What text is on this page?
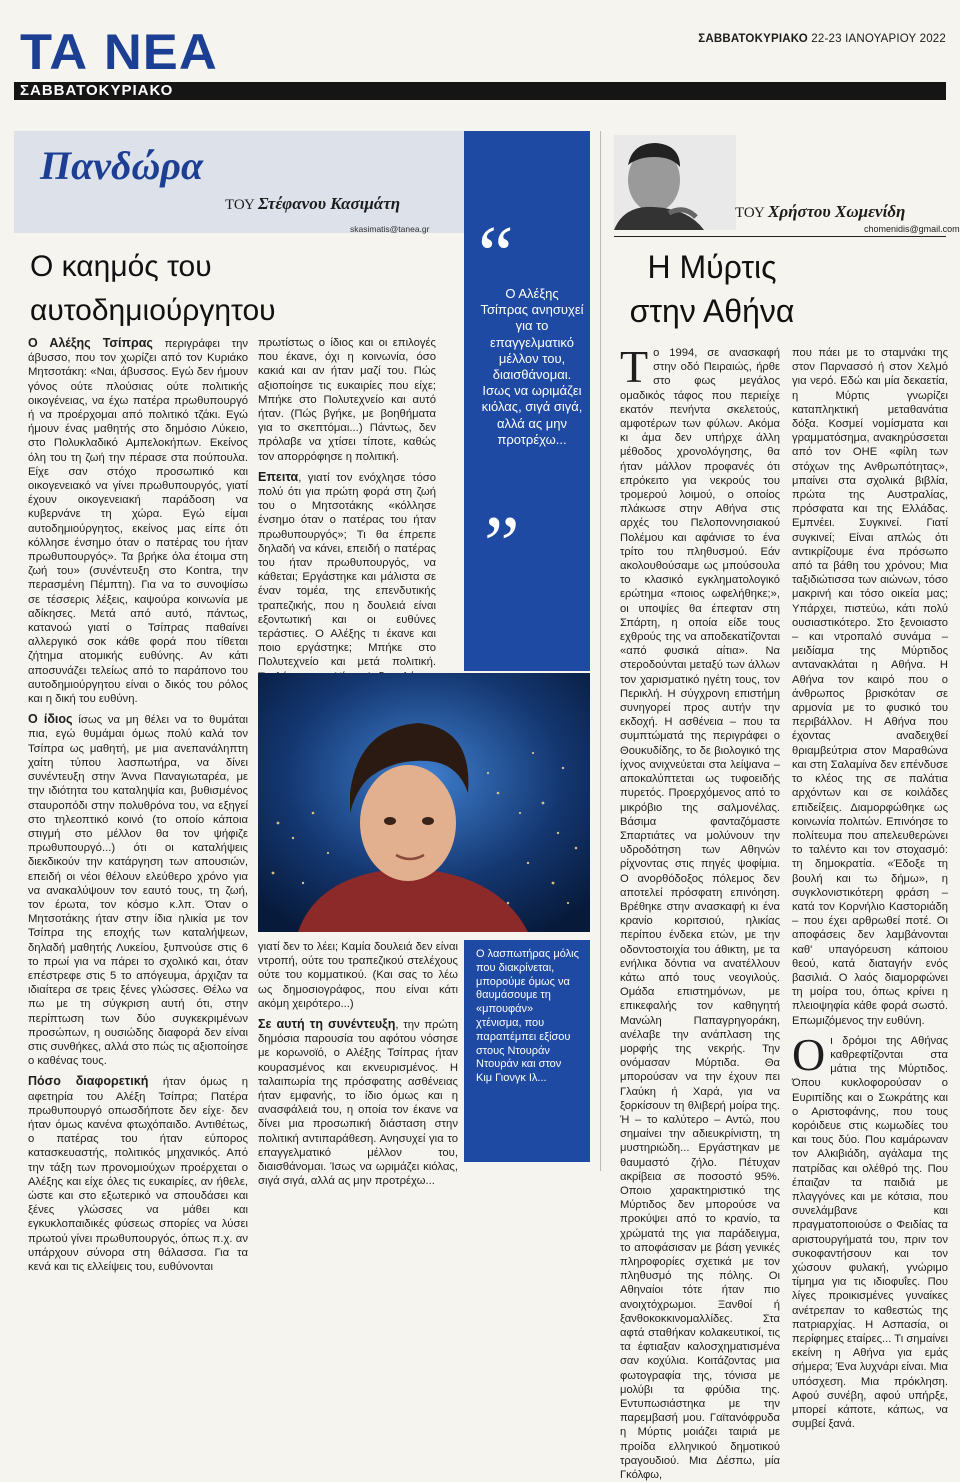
ΤΑ ΝΕΑ
ΣΑΒΒΑΤΟΚΥΡΙΑΚΟ
ΣΑΒΒΑΤΟΚΥΡΙΑΚΟ 22-23 ΙΑΝΟΥΑΡΙΟΥ 2022
Πανδώρα
ΤΟΥ Στέφανου Κασιμάτη
skasimatis@tanea.gr
Ο καημός του
αυτοδημιούργητου

Ο Αλέξης Τσίπρας περιγράφει την άβυσσο, που τον χωρίζει από τον Κυριάκο Μητσοτάκη: «Ναι, άβυσσος. Εγώ δεν ήμουν γόνος ούτε πλούσιας ούτε πολιτικής οικογένειας, να έχω πατέρα πρωθυπουργό ή να προέρχομαι από πολιτικό τζάκι. Εγώ ήμουν ένας μαθητής στο δημόσιο Λύκειο, στο Πολυκλαδικό Αμπελοκήπων. Εκείνος όλη του τη ζωή την πέρασε στα πούπουλα. Είχε σαν στόχο προσωπικό και οικογενειακό να γίνει πρωθυπουργός, γιατί έχουν οικογενειακή παράδοση να κυβερνάνε τη χώρα. Εγώ είμαι αυτοδημιούργητος, εκείνος μας είπε ότι κόλλησε ένσημο όταν ο πατέρας του ήταν πρωθυπουργός». Τα βρήκε όλα έτοιμα στη ζωή του» (συνέντευξη στο Kontra, την περασμένη Πέμπτη). Για να το συνοψίσω σε τέσσερις λέξεις, καψούρα κοινωνία με αδίκησες. Μετά από αυτό, πάντως, κατανοώ γιατί ο Τσίπρας παθαίνει αλλεργικό σοκ κάθε φορά που τίθεται ζήτημα ατομικής ευθύνης. Αν κάτι αποσυνάζει τελείως από το παράπονο του αυτοδημιούργητου είναι ο δικός του ρόλος και η δική του ευθύνη.

Ο ίδιος ίσως να μη θέλει να το θυμάται πια, εγώ θυμάμαι όμως πολύ καλά τον Τσίπρα ως μαθητή, με μια ανεπανάληπτη χαίτη τύπου λασπωτήρα, να δίνει συνέντευξη στην Άννα Παναγιωταρέα, με την ιδιότητα του καταληψία και, βυθισμένος σταυροπόδι στην πολυθρόνα του, να εξηγεί στο τηλεοπτικό κοινό (το οποίο κάποια στιγμή στο μέλλον θα τον ψήφιζε πρωθυπουργό...) ότι οι καταλήψεις διεκδικούν την κατάργηση των απουσιών, επειδή οι νέοι θέλουν ελεύθερο χρόνο για να ανακαλύψουν τον εαυτό τους, τη ζωή, τον έρωτα, τον κόσμο κ.λπ. Όταν ο Μητσοτάκης ήταν στην ίδια ηλικία με τον Τσίπρα της εποχής των καταλήψεων, δηλαδή μαθητής Λυκείου, ξυπνούσε στις 6 το πρωί για να πάρει το σχολικό και, όταν επέστρεφε στις 5 το απόγευμα, άρχιζαν τα ιδιαίτερα σε τρεις ξένες γλώσσες. Θέλω να πω με τη σύγκριση αυτή ότι, στην περίπτωση των δύο συγκεκριμένων προσώπων, η ουσιώδης διαφορά δεν είναι στις συνθήκες, αλλά στο πώς τις αξιοποίησε ο καθένας τους.

Πόσο διαφορετική ήταν όμως η αφετηρία του Αλέξη Τσίπρα; Πατέρα πρωθυπουργό οπωσδήποτε δεν είχε· δεν ήταν όμως κανένα φτωχόπαιδο. Αντιθέτως, ο πατέρας του ήταν εύπορος κατασκευαστής, πολιτικός μηχανικός. Από την τάξη των προνομιούχων προέρχεται ο Αλέξης και είχε όλες τις ευκαιρίες, αν ήθελε, ώστε και στο εξωτερικό να σπουδάσει και ξένες γλώσσες να μάθει και εγκυκλοπαιδικές φύσεως σπορίες να λύσει πρωτού γίνει πρωθυπουργός, όπως π.χ. αν υπάρχουν σύνορα στη θάλασσα. Για τα κενά και τις ελλείψεις του, ευθύνονται

πρωτίστως ο ίδιος και οι επιλογές που έκανε, όχι η κοινωνία, όσο κακιά και αν ήταν μαζί του. Πώς αξιοποίησε τις ευκαιρίες που είχε; Μπήκε στο Πολυτεχνείο και αυτό ήταν. (Πώς βγήκε, με βοηθήματα για το σκεπτόμαι...) Πάντως, δεν πρόλαβε να χτίσει τίποτε, καθώς τον απορρόφησε η πολιτική.

Επειτα, γιατί τον ενόχλησε τόσο πολύ ότι για πρώτη φορά στη ζωή του ο Μητσοτάκης «κόλλησε ένσημο όταν ο πατέρας του ήταν πρωθυπουργός»; Τι θα έπρεπε δηλαδή να κάνει, επειδή ο πατέρας του ήταν πρωθυπουργός, να κάθεται; Εργάστηκε και μάλιστα σε έναν τομέα, της επενδυτικής τραπεζικής, που η δουλειά είναι εξοντωτική και οι ευθύνες τεράστιες. Ο Αλέξης τι έκανε και ποιο εργάστηκε; Μπήκε στο Πολυτεχνείο και μετά πολιτική.

γιατί δεν το λέει; Καμία δουλειά δεν είναι ντροπή, ούτε του τραπεζικού στελέχους ούτε του κομματικού. (Και σας το λέω ως δημοσιογράφος, που είναι κάτι ακόμη χειρότερο...)

Σε αυτή τη συνέντευξη, την πρώτη δημόσια παρουσία του αφότου νόσησε με κορωνοϊό, ο Αλέξης Τσίπρας ήταν κουρασμένος και εκνευρισμένος. Η ταλαιπωρία της πρόσφατης ασθένειας ήταν εμφανής, το ίδιο όμως και η ανασφάλειά του, η οποία τον έκανε να δίνει μια προσωπική διάσταση στην πολιτική αντιπαράθεση. Ανησυχεί για το επαγγελματικό μέλλον του, διαισθάνομαι. Ίσως να ωριμάζει κιόλας, σιγά σιγά, αλλά ας μην προτρέχω...

“
Ο Αλέξης Τσίπρας ανησυχεί για το επαγγελματικό μέλλον του, διαισθάνομαι. Ισως να ωριμάζει κιόλας, σιγά σιγά, αλλά ας μην προτρέχω...
”
Ο λασπωτήρας μόλις που διακρίνεται, μπορούμε όμως να θαυμάσουμε τη «μπουφάν» χτένισμα, που παραπέμπει εξίσου στους Ντουράν Ντουράν και στον Κιμ Γιονγκ Ιλ...
ΤΟΥ Χρήστου Χωμενίδη
chomenidis@gmail.com
Η Μύρτις
στην Αθήνα

Το 1994, σε ανασκαφή στην οδό Πειραιώς, ήρθε στο φως μεγάλος ομαδικός τάφος που περιείχε εκατόν πενήντα σκελετούς, αμφοτέρων των φύλων. Ακόμα κι άμα δεν υπήρχε άλλη μέθοδος χρονολόγησης, θα ήταν μάλλον προφανές ότι επρόκειτο για νεκρούς του τρομερού λοιμού, ο οποίος πλάκωσε στην Αθήνα στις αρχές του Πελοποννησιακού Πολέμου και αφάνισε το ένα τρίτο του πληθυσμού. Εάν ακολουθούσαμε ως μπούσουλα το κλασικό εγκληματολογικό ερώτημα «ποιος ωφελήθηκε;», οι υποψίες θα έπεφταν στη Σπάρτη, η οποία είδε τους εχθρούς της να αποδεκατίζονται «από φυσικά αίτια». Να στεροδούνται μεταξύ των άλλων τον χαρισματικό ηγέτη τους, τον Περικλή. Η σύγχρονη επιστήμη συνηγορεί προς αυτήν την εκδοχή. Η ασθένεια – που τα συμπτώματά της περιγράφει ο Θουκυδίδης, το δε βιολογικό της ίχνος ανιχνεύεται στα λείψανα – αποκαλύπτεται ως τυφοειδής πυρετός. Προερχόμενος από το μικρόβιο της σαλμονέλας. Βάσιμα φανταζόμαστε Σπαρτιάτες να μολύνουν την υδροδότηση των Αθηνών ρίχνοντας στις πηγές ψοφίμια. Ο ανορθόδοξος πόλεμος δεν αποτελεί πρόσφατη επινόηση. Βρέθηκε στην ανασκαφή κι ένα κρανίο κοριτσιού, ηλικίας περίπου ένδεκα ετών, με την οδοντοστοιχία του άθικτη, με τα ενήλικα δόντια να ανατέλλουν κάτω από τους νεογιλούς. Ομάδα επιστημόνων, με επικεφαλής τον καθηγητή Μανώλη Παπαγρηγοράκη, ανέλαβε την ανάπλαση της μορφής της νεκρής. Την ονόμασαν Μύρτιδα. Θα μπορούσαν να την έχουν πει Γλαύκη ή Χαρά, για να ξορκίσουν τη θλιβερή μοίρα της. Ή – το καλύτερο – Αντώ, που σημαίνει την αδιευκρίνιστη, τη μυστηριώδη... Εργάστηκαν με θαυμαστό ζήλο. Πέτυχαν ακρίβεια σε ποσοστό 95%. Οποιο χαρακτηριστικό της Μύρτιδος δεν μπορούσε να προκύψει από το κρανίο, τα χρώματά της για παράδειγμα, το αποφάσισαν με βάση γενικές πληροφορίες σχετικά με τον πληθυσμό της πόλης. Οι Αθηναίοι τότε ήταν πιο ανοιχτόχρωμοι. Ξανθοί ή ξανθοκοκκινομαλλίδες. Στα αφτά σταθήκαν κολακευτικοί, τις τα έφτιαξαν καλοσχηματισμένα σαν κοχύλια. Κοιτάζοντας μια φωτογραφία της, τόνισα με μολύβι τα φρύδια της. Εντυπωσιάστηκα με την παρεμβασή μου. Γαϊτανόφρυδα η Μύρτις μοιάζει ταιριά με προίδα ελληνικού δημοτικού τραγουδιού. Μια Δέσπω, μία Γκόλφω,

που πάει με το σταμνάκι της στον Παρνασσό ή στον Χελμό για νερό. Εδώ και μία δεκαετία, η Μύρτις γνωρίζει καταπληκτική μεταθανάτια δόξα. Κοσμεί νομίσματα και γραμματόσημα, ανακηρύσσεται από τον ΟΗΕ «φίλη των στόχων της Ανθρωπότητας», μπαίνει στα σχολικά βιβλία, πρώτα της Αυστραλίας, πρόσφατα και της Ελλάδας. Εμπνέει. Συγκινεί. Γιατί συγκινεί; Είναι απλώς ότι αντικρίζουμε ένα πρόσωπο από τα βάθη του χρόνου; Μια ταξιδιώτισσα των αιώνων, τόσο μακρινή και τόσο οικεία μας; Υπάρχει, πιστεύω, κάτι πολύ ουσιαστικότερο. Στο ξενοιαστο – και ντροπαλό συνάμα – μειδίαμα της Μύρτιδος αντανακλάται η Αθήνα. Η Αθήνα τον καιρό που ο άνθρωπος βρισκόταν σε αρμονία με το φυσικό του περιβάλλον. Η Αθήνα που έχοντας αναδειχθεί θριαμβεύτρια στον Μαραθώνα και στη Σαλαμίνα δεν επένδυσε το κλέος της σε παλάτια αρχόντων και σε κοιλάδες επιδείξεις. Διαμορφώθηκε ως κοινωνία πολιτών. Επινόησε το πολίτευμα που απελευθερώνει το ταλέντο και τον στοχασμό: τη δημοκρατία. «Έδοξε τη βουλή και τω δήμω», η συγκλονιστικότερη φράση – κατά τον Κορνήλιο Καστοριάδη – που έχει αρθρωθεί ποτέ. Οι αποφάσεις δεν λαμβάνονται καθ' υπαγόρευση κάποιου θεού, κατά διαταγήν ενός βασιλιά. Ο λαός διαμορφώνει τη μοίρα του, όπως κρίνει η πλειοψηφία κάθε φορά σωστό. Επωμιζόμενος την ευθύνη.

Οι δρόμοι της Αθήνας καθρεφτίζονται στα μάτια της Μύρτιδος. Όπου κυκλοφορούσαν ο Ευριπίδης και ο Σωκράτης και ο Αριστοφάνης, που τους κορόιδευε στις κωμωδίες του και τους δύο. Που καμάρωναν τον Αλκιβιάδη, αγάλαμα της πατρίδας και ολέθρό της. Που έπαιζαν τα παιδιά με πλαγγόνες και με κότσια, που συνελάμβανε και πραγματοποιούσε ο Φειδίας τα αριστουργήματά του, πριν τον συκοφαντήσουν και τον χώσουν φυλακή, γνώριμο τίμημα για τις ιδιοφυΐες. Που λίγες προικισμένες γυναίκες ανέτρεπαν το καθεστώς της πατριαρχίας. Η Ασπασία, οι περίφημες εταίρες... Τι σημαίνει εκείνη η Αθήνα για εμάς σήμερα; Ένα λυχνάρι είναι. Μια υπόσχεση. Μια πρόκληση. Αφού συνέβη, αφού υπήρξε, μπορεί κάποτε, κάπως, να συμβεί ξανά.
